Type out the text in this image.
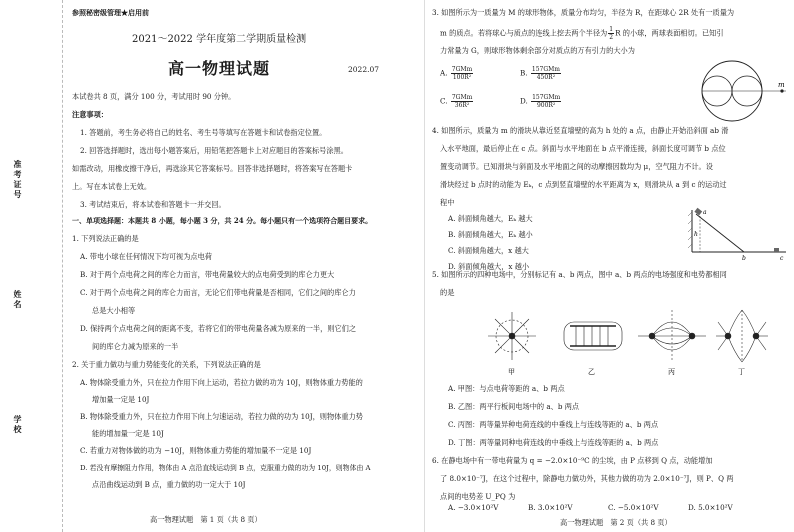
准考证号
姓名
学校
参照秘密级管理★启用前
2021～2022 学年度第二学期质量检测
高一物理试题	2022.07
本试卷共 8 页，满分 100 分，考试用时 90 分钟。
注意事项：
1. 答题前，考生务必将自己的姓名、考生号等填写在答题卡和试卷指定位置。
2. 回答选择题时，选出每小题答案后，用铅笔把答题卡上对应题目的答案标号涂黑。
如需改动，用橡皮擦干净后，再选涂其它答案标号。回答非选择题时，将答案写在答题卡
上。写在本试卷上无效。
3. 考试结束后，将本试卷和答题卡一并交回。
一、单项选择题：本题共 8 小题，每小题 3 分，共 24 分。每小题只有一个选项符合题目要求。
1. 下列说法正确的是
A. 带电小球在任何情况下均可视为点电荷
B. 对于两个点电荷之间的库仑力而言，带电荷量较大的点电荷受到的库仑力更大
C. 对于两个点电荷之间的库仑力而言，无论它们带电荷量是否相同，它们之间的库仑力
总是大小相等
D. 保持两个点电荷之间的距离不变，若将它们的带电荷量各减为原来的一半，则它们之
间的库仑力减为原来的一半
2. 关于重力做功与重力势能变化的关系，下列说法正确的是
A. 物体除受重力外，只在拉力作用下向上运动，若拉力做的功为 10J，则物体重力势能的
增加量一定是 10J
B. 物体除受重力外，只在拉力作用下向上匀速运动，若拉力做的功为 10J，则物体重力势
能的增加量一定是 10J
C. 若重力对物体做的功为 −10J，则物体重力势能的增加量不一定是 10J
D. 若没有摩擦阻力作用，物体由 A 点沿直线运动到 B 点，克服重力做的功为 10J，则物体由 A
点沿曲线运动到 B 点，重力做的功一定大于 10J
高一物理试题　第 1 页（共 8 页）
3. 如图所示为一质量为 M 的球形物体，质量分布均匀，半径为 R，在距球心 2R 处有一质量为
m 的质点。若将球心与质点的连线上挖去两个半径为 $\frac{1}{2}$ R 的小球，两球表面相切。已知引
力常量为 G，则球形物体剩余部分对质点的万有引力的大小为
A. 7GMm
100R²	B. 157GMm
450R²
C. 7GMm
36R²	D. 157GMm
900R²
m
4. 如图所示，质量为 m 的滑块从靠近竖直墙壁的高为 h 处的 a 点，由静止开始沿斜面 ab 滑
入水平地面，最后停止在 c 点。斜面与水平地面在 b 点平滑连接，斜面长度可调节 b 点位
置变动调节。已知滑块与斜面及水平地面之间的动摩擦因数均为 μ，空气阻力不计。设
滑块经过 b 点时的动能为 Eₖ，c 点到竖直墙壁的水平距离为 x，则滑块从 a 到 c 的运动过
程中
A. 斜面倾角越大，Eₖ 越大
B. 斜面倾角越大，Eₖ 越小
C. 斜面倾角越大，x 越大
D. 斜面倾角越大，x 越小
a
h
b	c
5. 如图所示的四种电场中，分别标记有 a、b 两点，图中 a、b 两点的电场强度和电势都相同
的是
甲	乙	丙	丁
A. 甲图：与点电荷等距的 a、b 两点
B. 乙图：两平行板间电场中的 a、b 两点
C. 丙图：两等量异种电荷连线的中垂线上与连线等距的 a、b 两点
D. 丁图：两等量同种电荷连线的中垂线上与连线等距的 a、b 两点
6. 在静电场中有一带电荷量为 q = −2.0×10⁻⁹C 的尘埃，由 P 点移到 Q 点，动能增加
了 8.0×10⁻⁷J，在这个过程中，除静电力做功外，其他力做的功为 2.0×10⁻⁷J，则 P、Q 两
点间的电势差 U_PQ 为
A. −3.0×10²V	B. 3.0×10²V	C. −5.0×10²V	D. 5.0×10²V
高一物理试题　第 2 页（共 8 页）
